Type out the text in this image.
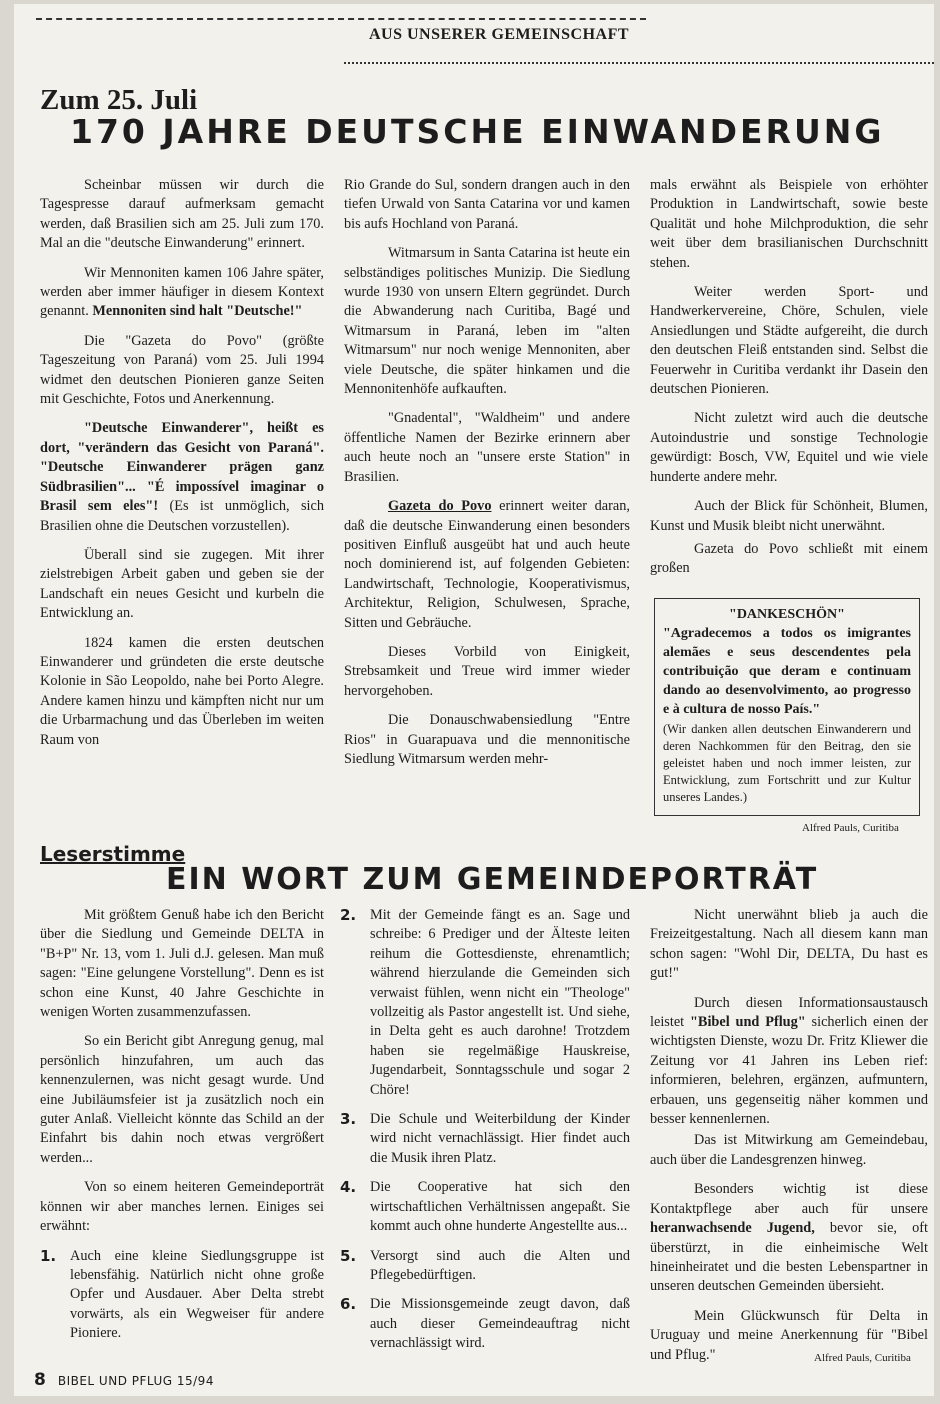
AUS UNSERER GEMEINSCHAFT
Zum 25. Juli
170 JAHRE DEUTSCHE EINWANDERUNG

Scheinbar müssen wir durch die Tagespresse darauf aufmerksam gemacht werden, daß Brasilien sich am 25. Juli zum 170. Mal an die "deutsche Einwanderung" erinnert.

Wir Mennoniten kamen 106 Jahre später, werden aber immer häufiger in diesem Kontext genannt. Mennoniten sind halt "Deutsche!"

Die "Gazeta do Povo" (größte Tageszeitung von Paraná) vom 25. Juli 1994 widmet den deutschen Pionieren ganze Seiten mit Geschichte, Fotos und Anerkennung.

"Deutsche Einwanderer", heißt es dort, "verändern das Gesicht von Paraná". "Deutsche Einwanderer prägen ganz Südbrasilien"... "É impossível imaginar o Brasil sem eles"! (Es ist unmöglich, sich Brasilien ohne die Deutschen vorzustellen).

Überall sind sie zugegen. Mit ihrer zielstrebigen Arbeit gaben und geben sie der Landschaft ein neues Gesicht und kurbeln die Entwicklung an.

1824 kamen die ersten deutschen Einwanderer und gründeten die erste deutsche Kolonie in São Leopoldo, nahe bei Porto Alegre. Andere kamen hinzu und kämpften nicht nur um die Urbarmachung und das Überleben im weiten Raum von

Rio Grande do Sul, sondern drangen auch in den tiefen Urwald von Santa Catarina vor und kamen bis aufs Hochland von Paraná.

Witmarsum in Santa Catarina ist heute ein selbständiges politisches Munizip. Die Siedlung wurde 1930 von unsern Eltern gegründet. Durch die Abwanderung nach Curitiba, Bagé und Witmarsum in Paraná, leben im "alten Witmarsum" nur noch wenige Mennoniten, aber viele Deutsche, die später hinkamen und die Mennonitenhöfe aufkauften.

"Gnadental", "Waldheim" und andere öffentliche Namen der Bezirke erinnern aber auch heute noch an "unsere erste Station" in Brasilien.

Gazeta do Povo erinnert weiter daran, daß die deutsche Einwanderung einen besonders positiven Einfluß ausgeübt hat und auch heute noch dominierend ist, auf folgenden Gebieten: Landwirtschaft, Technologie, Kooperativismus, Architektur, Religion, Schulwesen, Sprache, Sitten und Gebräuche.

Dieses Vorbild von Einigkeit, Strebsamkeit und Treue wird immer wieder hervorgehoben.

Die Donauschwabensiedlung "Entre Rios" in Guarapuava und die mennonitische Siedlung Witmarsum werden mehr-

mals erwähnt als Beispiele von erhöhter Produktion in Landwirtschaft, sowie beste Qualität und hohe Milchproduktion, die sehr weit über dem brasilianischen Durchschnitt stehen.

Weiter werden Sport- und Handwerkervereine, Chöre, Schulen, viele Ansiedlungen und Städte aufgereiht, die durch den deutschen Fleiß entstanden sind. Selbst die Feuerwehr in Curitiba verdankt ihr Dasein den deutschen Pionieren.

Nicht zuletzt wird auch die deutsche Autoindustrie und sonstige Technologie gewürdigt: Bosch, VW, Equitel und wie viele hunderte andere mehr.

Auch der Blick für Schönheit, Blumen, Kunst und Musik bleibt nicht unerwähnt.

Gazeta do Povo schließt mit einem großen

"DANKESCHÖN"
"Agradecemos a todos os imigrantes alemães e seus descendentes pela contribuição que deram e continuam dando ao desenvolvimento, ao progresso e à cultura de nosso País."
(Wir danken allen deutschen Einwanderern und deren Nachkommen für den Beitrag, den sie geleistet haben und noch immer leisten, zur Entwicklung, zum Fortschritt und zur Kultur unseres Landes.)
Alfred Pauls, Curitiba
Leserstimme
EIN WORT ZUM GEMEINDEPORTRÄT

Mit größtem Genuß habe ich den Bericht über die Siedlung und Gemeinde DELTA in "B+P" Nr. 13, vom 1. Juli d.J. gelesen. Man muß sagen: "Eine gelungene Vorstellung". Denn es ist schon eine Kunst, 40 Jahre Geschichte in wenigen Worten zusammenzufassen.

So ein Bericht gibt Anregung genug, mal persönlich hinzufahren, um auch das kennenzulernen, was nicht gesagt wurde. Und eine Jubiläumsfeier ist ja zusätzlich noch ein guter Anlaß. Vielleicht könnte das Schild an der Einfahrt bis dahin noch etwas vergrößert werden...

Von so einem heiteren Gemeindeporträt können wir aber manches lernen. Einiges sei erwähnt:

1. Auch eine kleine Siedlungsgruppe ist lebensfähig. Natürlich nicht ohne große Opfer und Ausdauer. Aber Delta strebt vorwärts, als ein Wegweiser für andere Pioniere.
2. Mit der Gemeinde fängt es an. Sage und schreibe: 6 Prediger und der Älteste leiten reihum die Gottesdienste, ehrenamtlich; während hierzulande die Gemeinden sich verwaist fühlen, wenn nicht ein "Theologe" vollzeitig als Pastor angestellt ist. Und siehe, in Delta geht es auch darohne! Trotzdem haben sie regelmäßige Hauskreise, Jugendarbeit, Sonntagsschule und sogar 2 Chöre!
3. Die Schule und Weiterbildung der Kinder wird nicht vernachlässigt. Hier findet auch die Musik ihren Platz.
4. Die Cooperative hat sich den wirtschaftlichen Verhältnissen angepaßt. Sie kommt auch ohne hunderte Angestellte aus...
5. Versorgt sind auch die Alten und Pflegebedürftigen.
6. Die Missionsgemeinde zeugt davon, daß auch dieser Gemeindeauftrag nicht vernachlässigt wird.

Nicht unerwähnt blieb ja auch die Freizeitgestaltung. Nach all diesem kann man schon sagen: "Wohl Dir, DELTA, Du hast es gut!"

Durch diesen Informationsaustausch leistet "Bibel und Pflug" sicherlich einen der wichtigsten Dienste, wozu Dr. Fritz Kliewer die Zeitung vor 41 Jahren ins Leben rief: informieren, belehren, ergänzen, aufmuntern, erbauen, uns gegenseitig näher kommen und besser kennenlernen.

Das ist Mitwirkung am Gemeindebau, auch über die Landesgrenzen hinweg.

Besonders wichtig ist diese Kontaktpflege aber auch für unsere heranwachsende Jugend, bevor sie, oft überstürzt, in die einheimische Welt hineinheiratet und die besten Lebenspartner in unseren deutschen Gemeinden übersieht.

Mein Glückwunsch für Delta in Uruguay und meine Anerkennung für "Bibel und Pflug."	Alfred Pauls, Curitiba
8 BIBEL UND PFLUG 15/94
